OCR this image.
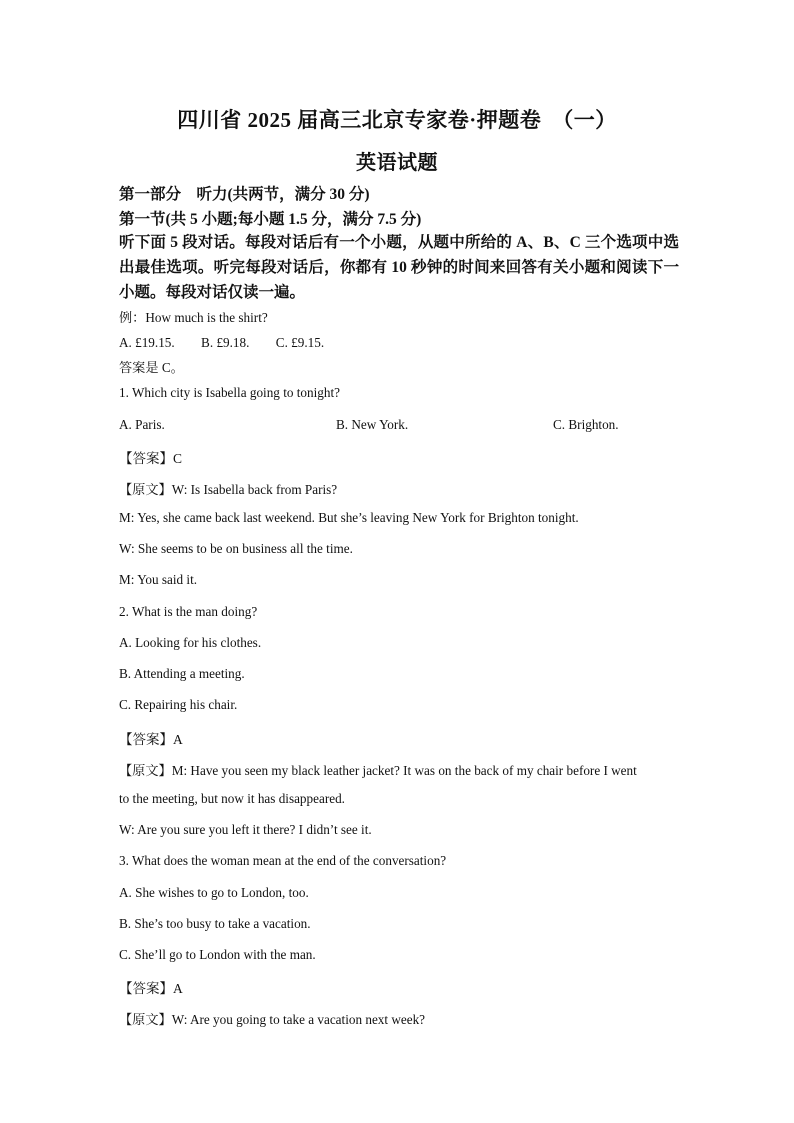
四川省 2025 届高三北京专家卷·押题卷　（一）
英语试题
第一部分　听力(共两节，满分 30 分)
第一节(共 5 小题;每小题 1.5 分，满分 7.5 分)
听下面 5 段对话。每段对话后有一个小题，从题中所给的 A、B、C 三个选项中选出最佳选项。听完每段对话后，你都有 10 秒钟的时间来回答有关小题和阅读下一小题。每段对话仅读一遍。
例：How much is the shirt?
A. £19.15.　　B. £9.18.　　C. £9.15.
答案是 C。
1. Which city is Isabella going to tonight?
A. Paris.	B. New York.	C. Brighton.
【答案】C
【原文】W: Is Isabella back from Paris?
M: Yes, she came back last weekend. But she’s leaving New York for Brighton tonight.
W: She seems to be on business all the time.
M: You said it.
2. What is the man doing?
A. Looking for his clothes.
B. Attending a meeting.
C. Repairing his chair.
【答案】A
【原文】M: Have you seen my black leather jacket? It was on the back of my chair before I went
to the meeting, but now it has disappeared.
W: Are you sure you left it there? I didn’t see it.
3. What does the woman mean at the end of the conversation?
A. She wishes to go to London, too.
B. She’s too busy to take a vacation.
C. She’ll go to London with the man.
【答案】A
【原文】W: Are you going to take a vacation next week?
